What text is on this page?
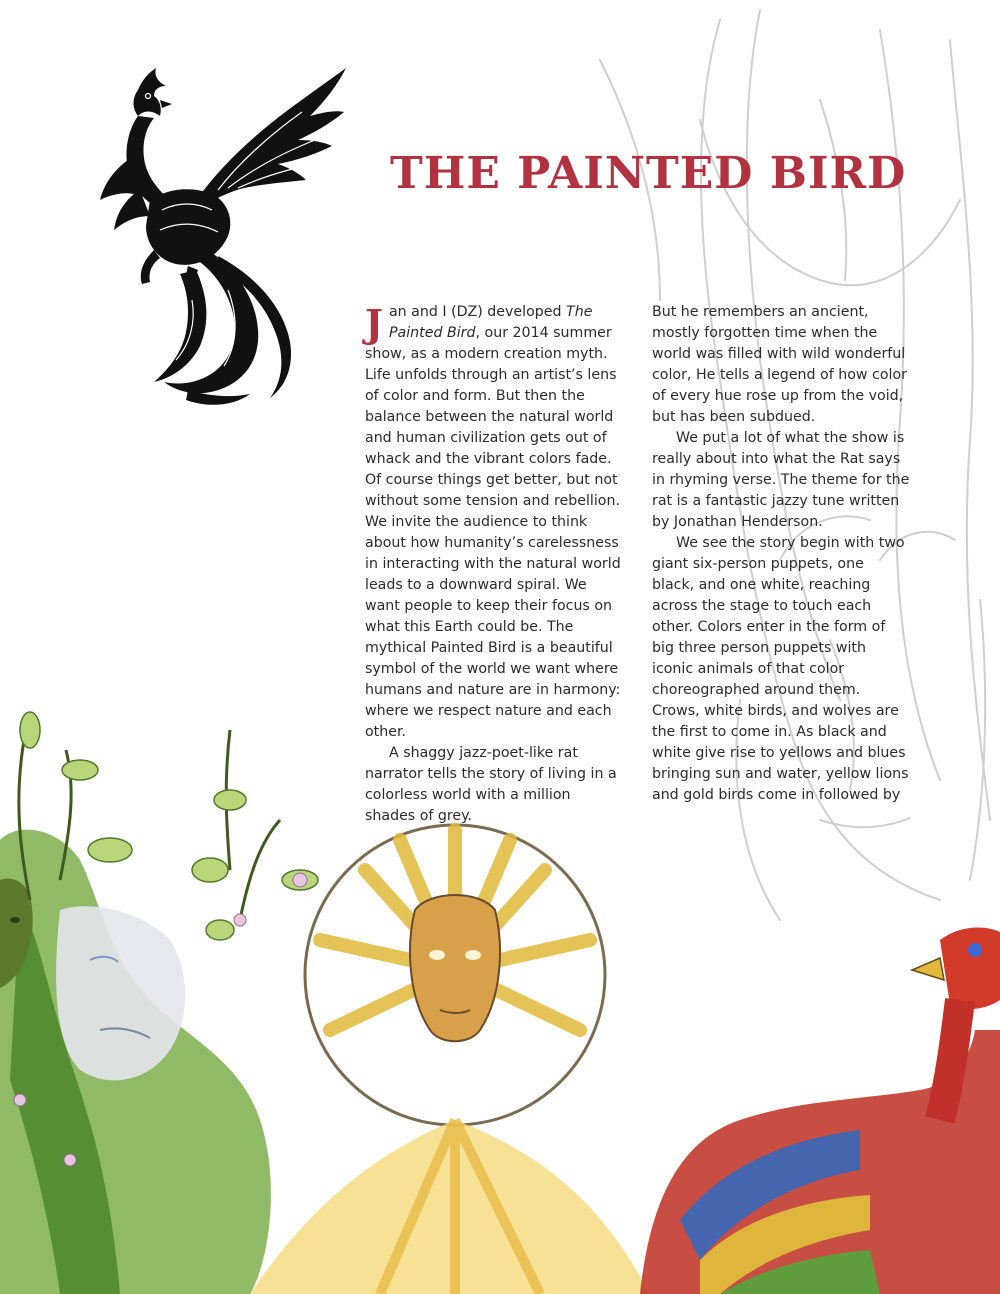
THE PAINTED BIRD

Jan and I (DZ) developed The Painted Bird, our 2014 summer show, as a modern creation myth. Life unfolds through an artist’s lens of color and form. But then the balance between the natural world and human civilization gets out of whack and the vibrant colors fade. Of course things get better, but not without some tension and rebellion. We invite the audience to think about how humanity’s carelessness in interacting with the natural world leads to a downward spiral. We want people to keep their focus on what this Earth could be. The mythical Painted Bird is a beautiful symbol of the world we want where humans and nature are in harmony: where we respect nature and each other.

A shaggy jazz-poet-like rat narrator tells the story of living in a colorless world with a million shades of grey.

But he remembers an ancient, mostly forgotten time when the world was filled with wild wonderful color, He tells a legend of how color of every hue rose up from the void, but has been subdued.

We put a lot of what the show is really about into what the Rat says in rhyming verse. The theme for the rat is a fantastic jazzy tune written by Jonathan Henderson.

We see the story begin with two giant six-person puppets, one black, and one white, reaching across the stage to touch each other. Colors enter in the form of big three person puppets with iconic animals of that color choreographed around them. Crows, white birds, and wolves are the first to come in. As black and white give rise to yellows and blues bringing sun and water, yellow lions and gold birds come in followed by
